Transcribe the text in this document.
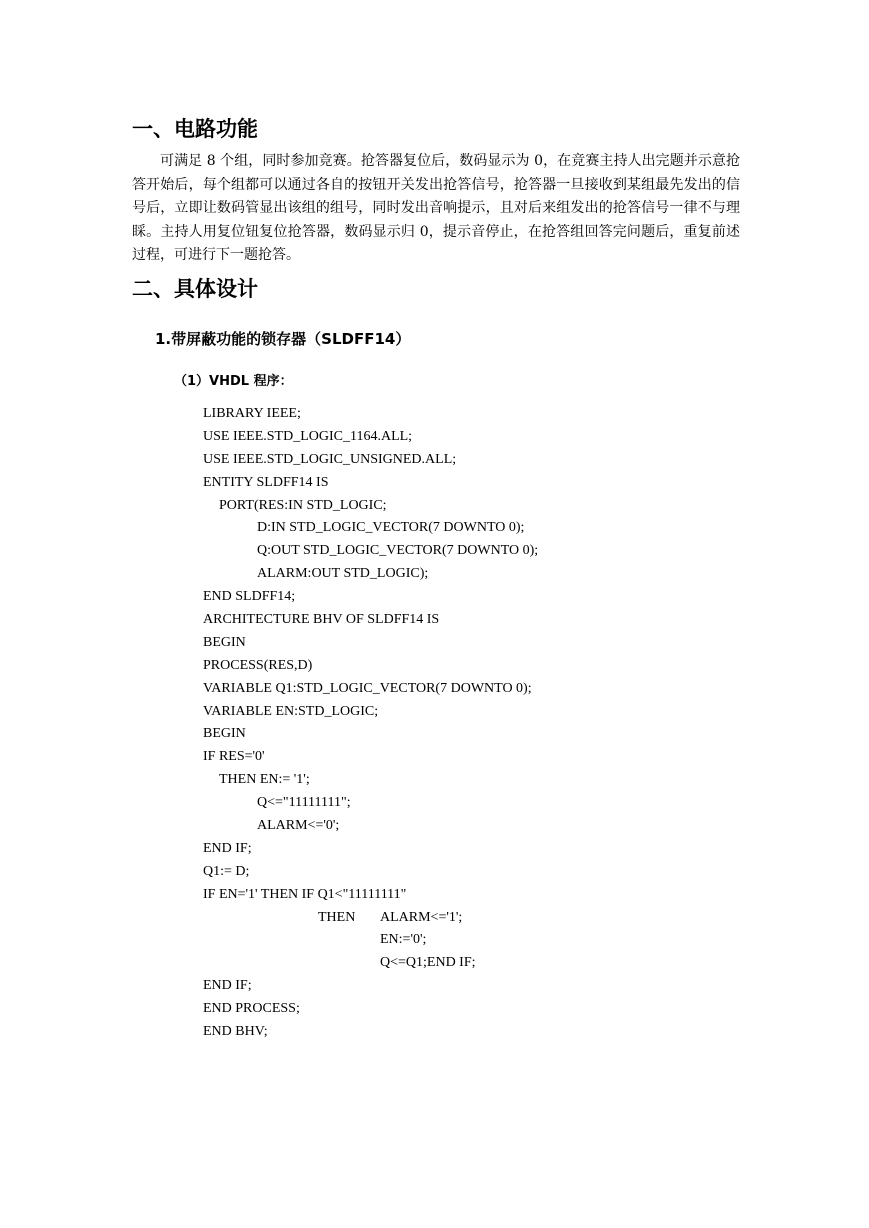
一、电路功能

可满足 8 个组，同时参加竞赛。抢答器复位后，数码显示为 0，在竞赛主持人出完题并示意抢答开始后，每个组都可以通过各自的按钮开关发出抢答信号，抢答器一旦接收到某组最先发出的信号后，立即让数码管显出该组的组号，同时发出音响提示，且对后来组发出的抢答信号一律不与理睬。主持人用复位钮复位抢答器，数码显示归 0，提示音停止，在抢答组回答完问题后，重复前述过程，可进行下一题抢答。

二、具体设计
1.带屏蔽功能的锁存器（SLDFF14）
（1）VHDL 程序：
LIBRARY IEEE;
USE IEEE.STD_LOGIC_1164.ALL;
USE IEEE.STD_LOGIC_UNSIGNED.ALL;
ENTITY SLDFF14 IS
PORT(RES:IN STD_LOGIC;
D:IN STD_LOGIC_VECTOR(7 DOWNTO 0);
Q:OUT STD_LOGIC_VECTOR(7 DOWNTO 0);
ALARM:OUT STD_LOGIC);
END SLDFF14;
ARCHITECTURE BHV OF SLDFF14 IS
BEGIN
PROCESS(RES,D)
VARIABLE Q1:STD_LOGIC_VECTOR(7 DOWNTO 0);
VARIABLE EN:STD_LOGIC;
BEGIN
IF RES='0'
THEN EN:= '1';
Q<="11111111";
ALARM<='0';
END IF;
Q1:= D;
IF EN='1' THEN IF Q1<"11111111"
THEN ALARM<='1';
EN:='0';
Q<=Q1;END IF;
END IF;
END PROCESS;
END BHV;
